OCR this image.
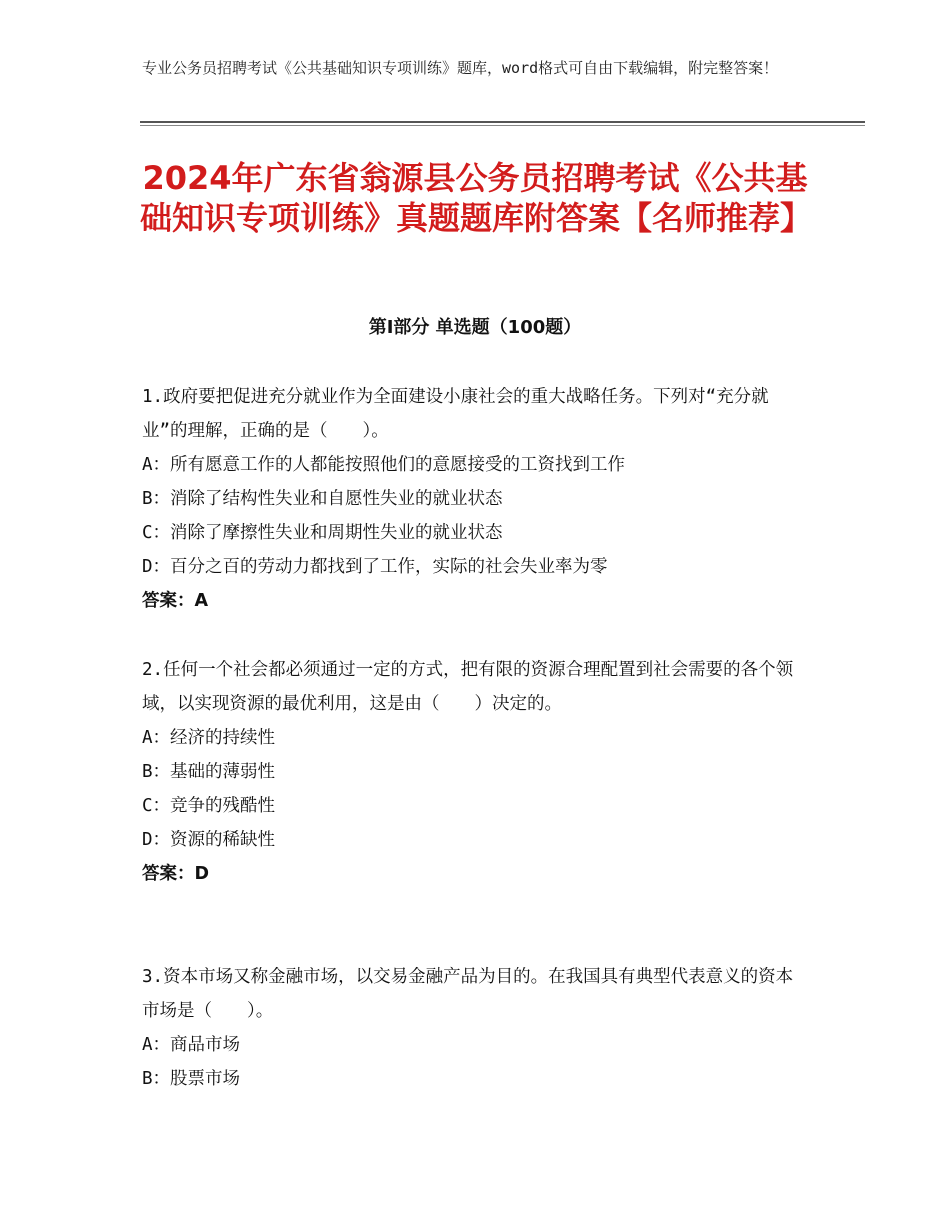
专业公务员招聘考试《公共基础知识专项训练》题库，word格式可自由下载编辑，附完整答案！
2024年广东省翁源县公务员招聘考试《公共基础知识专项训练》真题题库附答案【名师推荐】
第Ⅰ部分 单选题（100题）

1.政府要把促进充分就业作为全面建设小康社会的重大战略任务。下列对“充分就业”的理解，正确的是（　　）。

A：所有愿意工作的人都能按照他们的意愿接受的工资找到工作

B：消除了结构性失业和自愿性失业的就业状态

C：消除了摩擦性失业和周期性失业的就业状态

D：百分之百的劳动力都找到了工作，实际的社会失业率为零

答案：A

2.任何一个社会都必须通过一定的方式，把有限的资源合理配置到社会需要的各个领域，以实现资源的最优利用，这是由（　　）决定的。

A：经济的持续性

B：基础的薄弱性

C：竞争的残酷性

D：资源的稀缺性

答案：D

3.资本市场又称金融市场，以交易金融产品为目的。在我国具有典型代表意义的资本市场是（　　）。

A：商品市场

B：股票市场
